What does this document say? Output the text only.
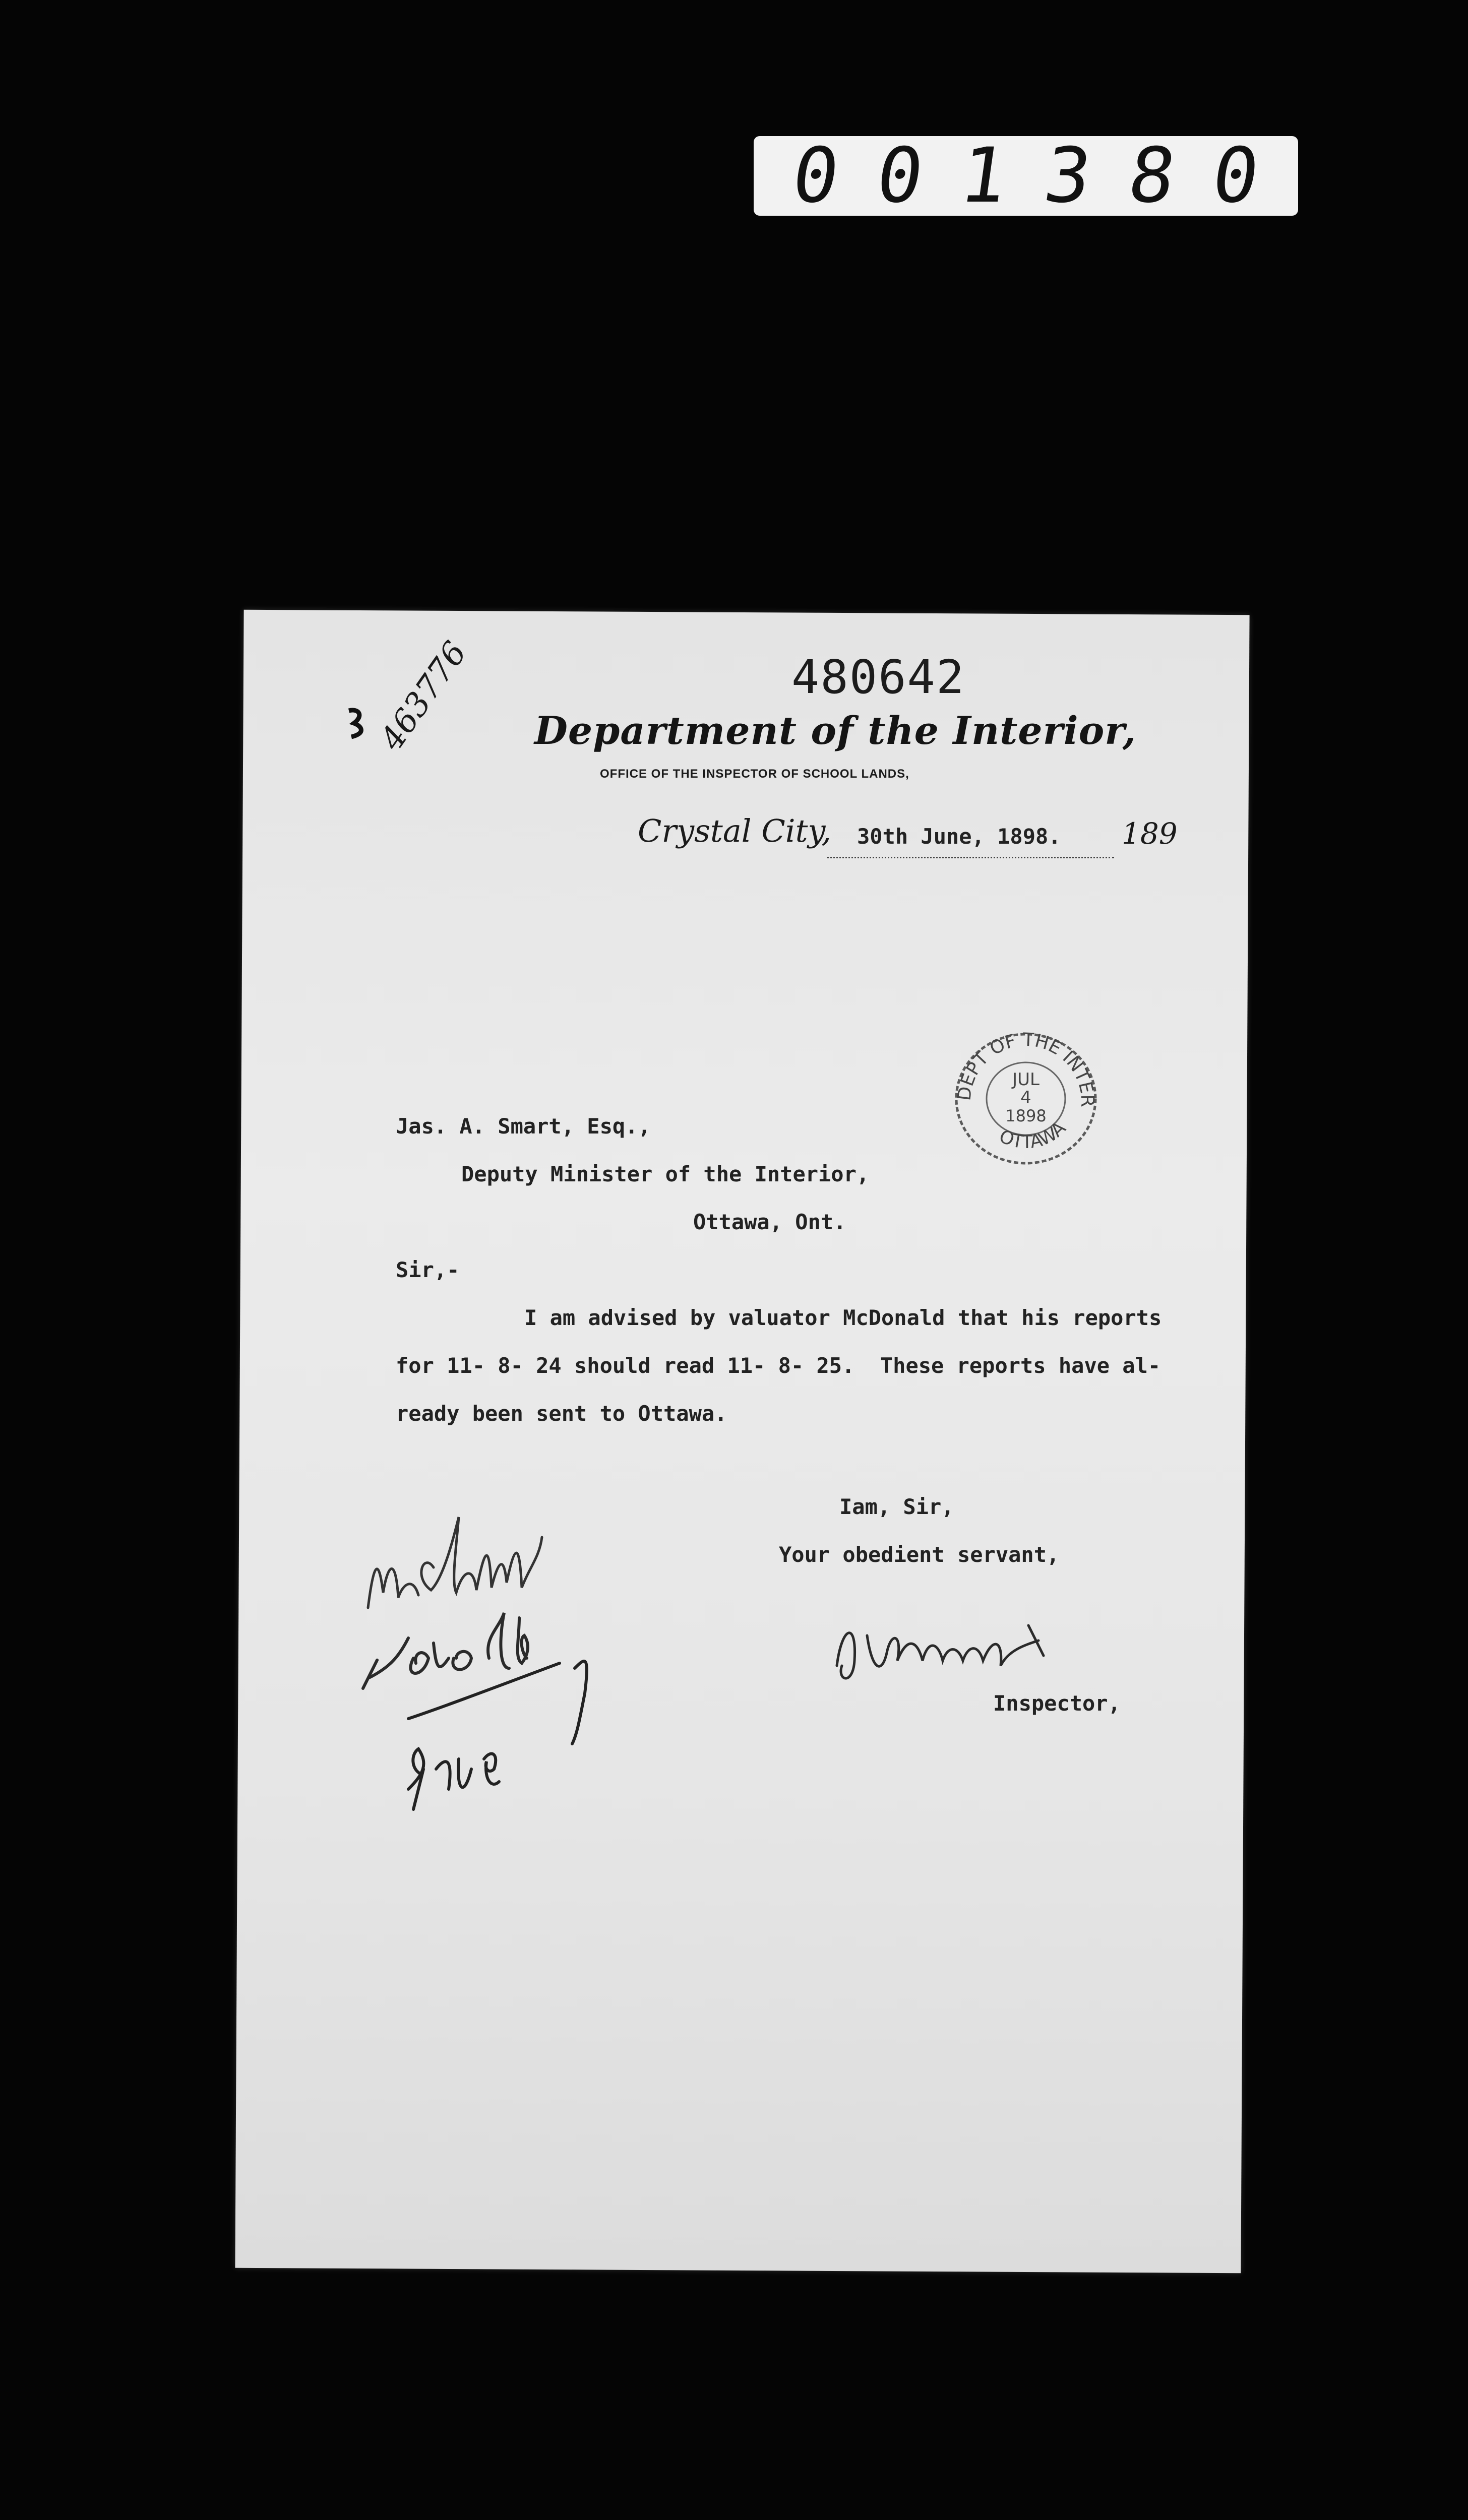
0 0 1 3 8 0
480642
463776 Department of the Interior,
OFFICE OF THE INSPECTOR OF SCHOOL LANDS,
Crystal City, 30th June, 1898. 189
DEPT OF THE INTER
OTTAWA
JUL
4
1898
Jas. A. Smart, Esq.,
Deputy Minister of the Interior,
Ottawa, Ont.
Sir,-
I am advised by valuator McDonald that his reports
for 11- 8- 24 should read 11- 8- 25.  These reports have al-
ready been sent to Ottawa.
Iam, Sir,
Your obedient servant,
Inspector,
